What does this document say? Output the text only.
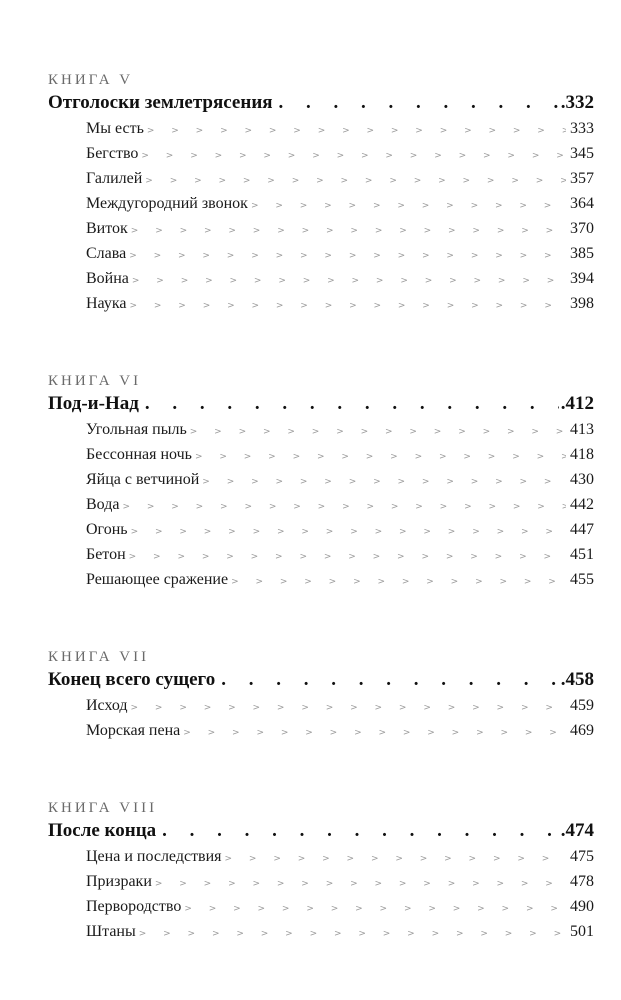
КНИГА V
Отголоски землетрясения . . .	.332
Мы есть > > > > > > > > > > > > > > > > > > > > > > > > > > > > > > > > > > > > > > > > > > > > > > > > > > > > > > > > > > > > > > > > > > > > > > > > > > > > > > > > > > > > > >	333
Бегство > > > > > > > > > > > > > > > > > > > > > > > > > > > > > > > > > > > > > > > > > > > > > > > > > > > > > > > > > > > > > > > > > > > > > > > > > > > > > > > > > > > > > >	345
Галилей > > > > > > > > > > > > > > > > > > > > > > > > > > > > > > > > > > > > > > > > > > > > > > > > > > > > > > > > > > > > > > > > > > > > > > > > > > > > > > > > > > > > > >	357
Междугородний звонок > > > > > > > > > > > > > > > > > > > > > > > > > > > > > > > > > > > > > > > > > > > > > > > > > > > > > > > > > > > > > > > > > > > > > > > > > > > > > > > > > > > > > >	364
Виток > > > > > > > > > > > > > > > > > > > > > > > > > > > > > > > > > > > > > > > > > > > > > > > > > > > > > > > > > > > > > > > > > > > > > > > > > > > > > > > > > > > > > >	370
Слава > > > > > > > > > > > > > > > > > > > > > > > > > > > > > > > > > > > > > > > > > > > > > > > > > > > > > > > > > > > > > > > > > > > > > > > > > > > > > > > > > > > > > >	385
Война > > > > > > > > > > > > > > > > > > > > > > > > > > > > > > > > > > > > > > > > > > > > > > > > > > > > > > > > > > > > > > > > > > > > > > > > > > > > > > > > > > > > > >	394
Наука > > > > > > > > > > > > > > > > > > > > > > > > > > > > > > > > > > > > > > > > > > > > > > > > > > > > > > > > > > > > > > > > > > > > > > > > > > > > > > > > > > > > > >	398
КНИГА VI
Под-и-Над . . .	.412
Угольная пыль > > > > > > > > > > > > > > > > > > > > > > > > > > > > > > > > > > > > > > > > > > > > > > > > > > > > > > > > > > > > > > > > > > > > > > > > > > > > > > > > > > > > > >	413
Бессонная ночь > > > > > > > > > > > > > > > > > > > > > > > > > > > > > > > > > > > > > > > > > > > > > > > > > > > > > > > > > > > > > > > > > > > > > > > > > > > > > > > > > > > > > >	418
Яйца с ветчиной > > > > > > > > > > > > > > > > > > > > > > > > > > > > > > > > > > > > > > > > > > > > > > > > > > > > > > > > > > > > > > > > > > > > > > > > > > > > > > > > > > > > > >	430
Вода > > > > > > > > > > > > > > > > > > > > > > > > > > > > > > > > > > > > > > > > > > > > > > > > > > > > > > > > > > > > > > > > > > > > > > > > > > > > > > > > > > > > > >	442
Огонь > > > > > > > > > > > > > > > > > > > > > > > > > > > > > > > > > > > > > > > > > > > > > > > > > > > > > > > > > > > > > > > > > > > > > > > > > > > > > > > > > > > > > >	447
Бетон > > > > > > > > > > > > > > > > > > > > > > > > > > > > > > > > > > > > > > > > > > > > > > > > > > > > > > > > > > > > > > > > > > > > > > > > > > > > > > > > > > > > > >	451
Решающее сражение > > > > > > > > > > > > > > > > > > > > > > > > > > > > > > > > > > > > > > > > > > > > > > > > > > > > > > > > > > > > > > > > > > > > > > > > > > > > > > > > > > > > > >	455
КНИГА VII
Конец всего сущего . . .	.458
Исход > > > > > > > > > > > > > > > > > > > > > > > > > > > > > > > > > > > > > > > > > > > > > > > > > > > > > > > > > > > > > > > > > > > > > > > > > > > > > > > > > > > > > >	459
Морская пена > > > > > > > > > > > > > > > > > > > > > > > > > > > > > > > > > > > > > > > > > > > > > > > > > > > > > > > > > > > > > > > > > > > > > > > > > > > > > > > > > > > > > >	469
КНИГА VIII
После конца . . .	.474
Цена и последствия > > > > > > > > > > > > > > > > > > > > > > > > > > > > > > > > > > > > > > > > > > > > > > > > > > > > > > > > > > > > > > > > > > > > > > > > > > > > > > > > > > > > > >	475
Призраки > > > > > > > > > > > > > > > > > > > > > > > > > > > > > > > > > > > > > > > > > > > > > > > > > > > > > > > > > > > > > > > > > > > > > > > > > > > > > > > > > > > > > >	478
Первородство > > > > > > > > > > > > > > > > > > > > > > > > > > > > > > > > > > > > > > > > > > > > > > > > > > > > > > > > > > > > > > > > > > > > > > > > > > > > > > > > > > > > > >	490
Штаны > > > > > > > > > > > > > > > > > > > > > > > > > > > > > > > > > > > > > > > > > > > > > > > > > > > > > > > > > > > > > > > > > > > > > > > > > > > > > > > > > > > > > >	501
